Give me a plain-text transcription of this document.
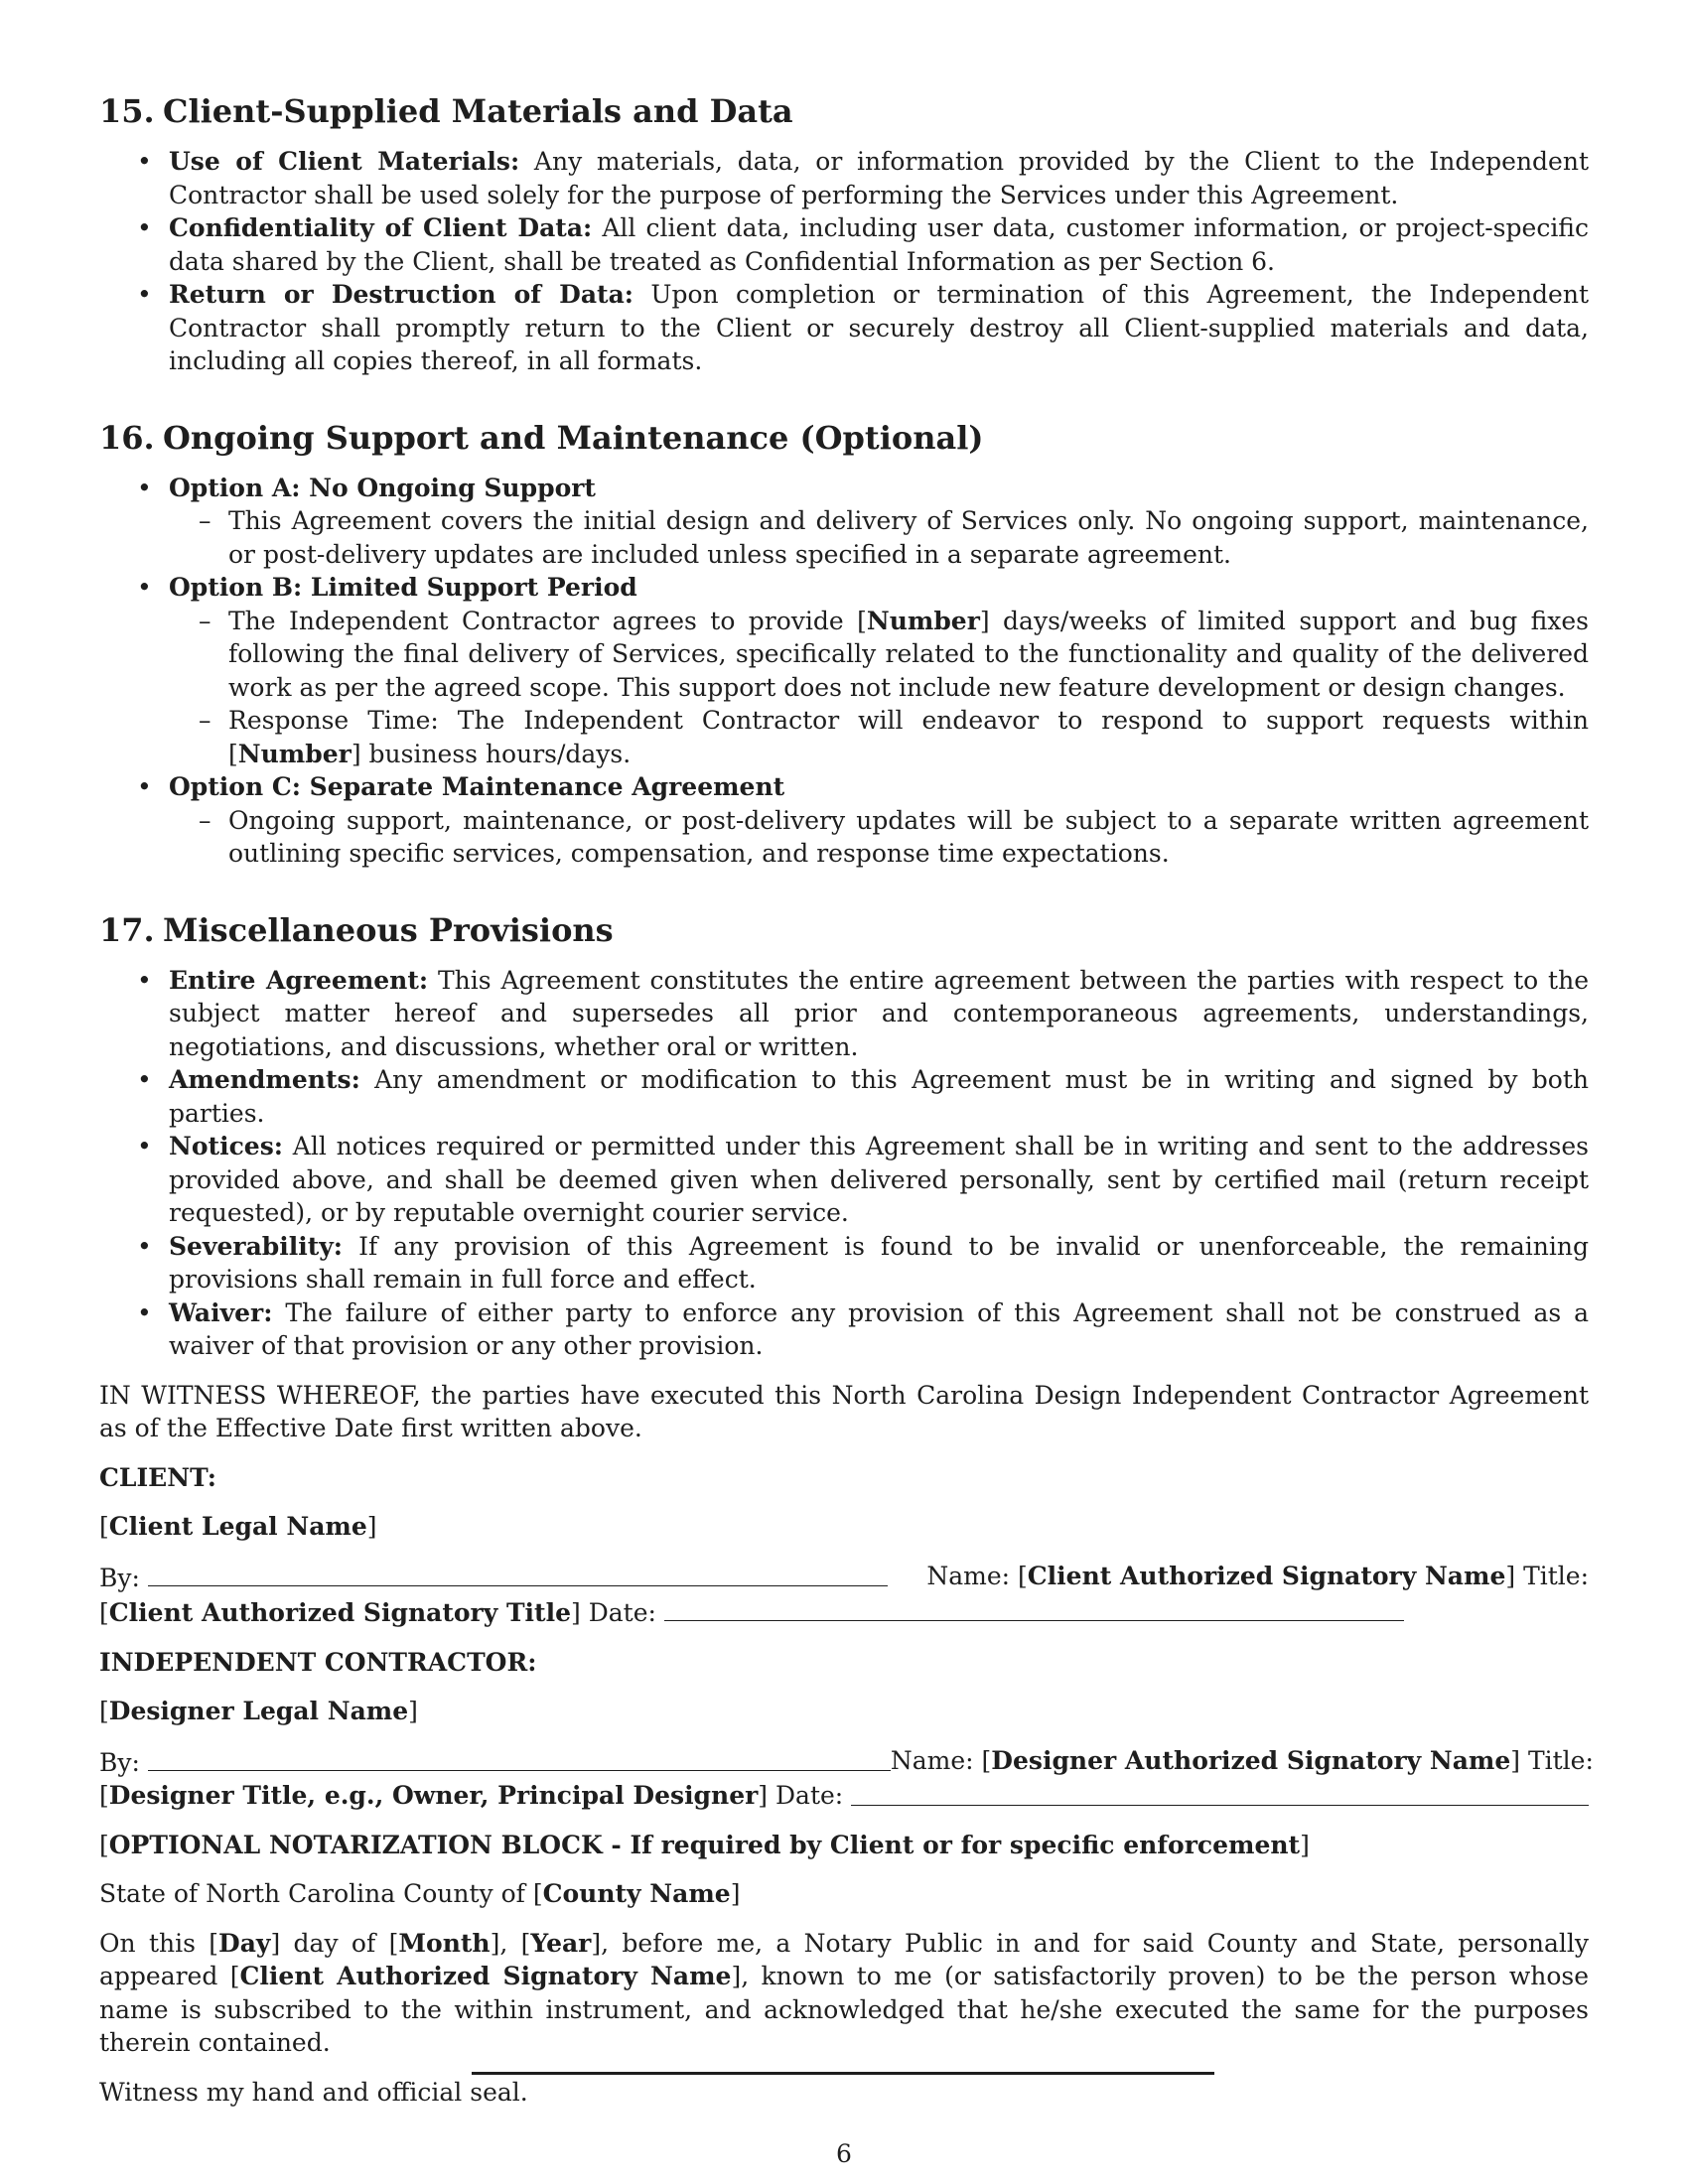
15. Client-Supplied Materials and Data
• Use of Client Materials: Any materials, data, or information provided by the Client to the Independent Contractor shall be used solely for the purpose of performing the Services under this Agreement.
• Confidentiality of Client Data: All client data, including user data, customer information, or project-specific data shared by the Client, shall be treated as Confidential Information as per Section 6.
• Return or Destruction of Data: Upon completion or termination of this Agreement, the Independent Contractor shall promptly return to the Client or securely destroy all Client-supplied materials and data, including all copies thereof, in all formats.
16. Ongoing Support and Maintenance (Optional)
• Option A: No Ongoing Support
– This Agreement covers the initial design and delivery of Services only. No ongoing support, maintenance, or post-delivery updates are included unless specified in a separate agreement.
• Option B: Limited Support Period
– The Independent Contractor agrees to provide [Number] days/weeks of limited support and bug fixes following the final delivery of Services, specifically related to the functionality and quality of the delivered work as per the agreed scope. This support does not include new feature development or design changes.
– Response Time: The Independent Contractor will endeavor to respond to support requests within [Number] business hours/days.
• Option C: Separate Maintenance Agreement
– Ongoing support, maintenance, or post-delivery updates will be subject to a separate written agreement outlining specific services, compensation, and response time expectations.
17. Miscellaneous Provisions
• Entire Agreement: This Agreement constitutes the entire agreement between the parties with respect to the subject matter hereof and supersedes all prior and contemporaneous agreements, understandings, negotiations, and discussions, whether oral or written.
• Amendments: Any amendment or modification to this Agreement must be in writing and signed by both parties.
• Notices: All notices required or permitted under this Agreement shall be in writing and sent to the addresses provided above, and shall be deemed given when delivered personally, sent by certified mail (return receipt requested), or by reputable overnight courier service.
• Severability: If any provision of this Agreement is found to be invalid or unenforceable, the remaining provisions shall remain in full force and effect.
• Waiver: The failure of either party to enforce any provision of this Agreement shall not be construed as a waiver of that provision or any other provision.

IN WITNESS WHEREOF, the parties have executed this North Carolina Design Independent Contractor Agreement as of the Effective Date first written above.

CLIENT:

[Client Legal Name]

By:	Name: [Client Authorized Signatory Name] Title:
[Client Authorized Signatory Title] Date:

INDEPENDENT CONTRACTOR:

[Designer Legal Name]

By:	Name: [Designer Authorized Signatory Name] Title:
[Designer Title, e.g., Owner, Principal Designer] Date:

[OPTIONAL NOTARIZATION BLOCK - If required by Client or for specific enforcement]

State of North Carolina County of [County Name]

On this [Day] day of [Month], [Year], before me, a Notary Public in and for said County and State, personally appeared [Client Authorized Signatory Name], known to me (or satisfactorily proven) to be the person whose name is subscribed to the within instrument, and acknowledged that he/she executed the same for the purposes therein contained.

Witness my hand and official seal.

6
